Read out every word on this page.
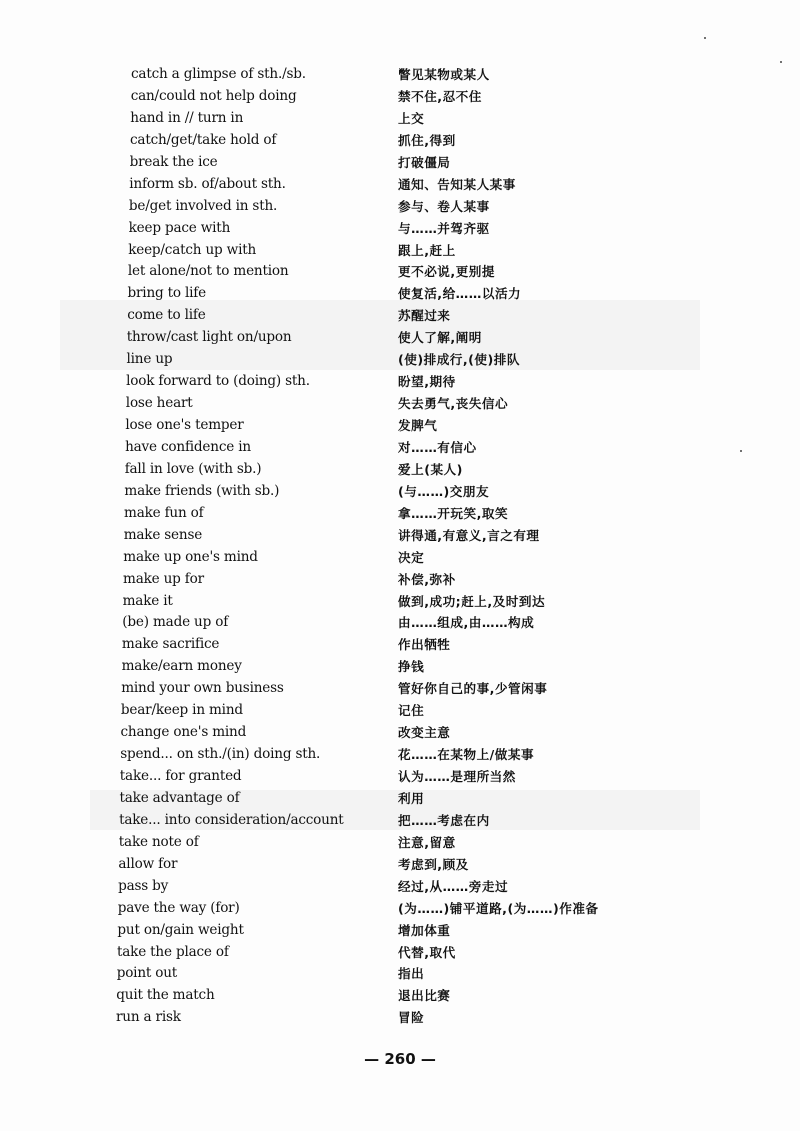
catch a glimpse of sth./sb.	瞥见某物或某人
can/could not help doing	禁不住,忍不住
hand in // turn in	上交
catch/get/take hold of	抓住,得到
break the ice	打破僵局
inform sb. of/about sth.	通知、告知某人某事
be/get involved in sth.	参与、卷人某事
keep pace with	与……并驾齐驱
keep/catch up with	跟上,赶上
let alone/not to mention	更不必说,更别提
bring to life	使复活,给……以活力
come to life	苏醒过来
throw/cast light on/upon	使人了解,阐明
line up	(使)排成行,(使)排队
look forward to (doing) sth.	盼望,期待
lose heart	失去勇气,丧失信心
lose one's temper	发脾气
have confidence in	对……有信心
fall in love (with sb.)	爱上(某人)
make friends (with sb.)	(与……)交朋友
make fun of	拿……开玩笑,取笑
make sense	讲得通,有意义,言之有理
make up one's mind	决定
make up for	补偿,弥补
make it	做到,成功;赶上,及时到达
(be) made up of	由……组成,由……构成
make sacrifice	作出牺牲
make/earn money	挣钱
mind your own business	管好你自己的事,少管闲事
bear/keep in mind	记住
change one's mind	改变主意
spend... on sth./(in) doing sth.	花……在某物上/做某事
take... for granted	认为……是理所当然
take advantage of	利用
take... into consideration/account	把……考虑在内
take note of	注意,留意
allow for	考虑到,顾及
pass by	经过,从……旁走过
pave the way (for)	(为……)铺平道路,(为……)作准备
put on/gain weight	增加体重
take the place of	代替,取代
point out	指出
quit the match	退出比赛
run a risk	冒险
— 260 —
